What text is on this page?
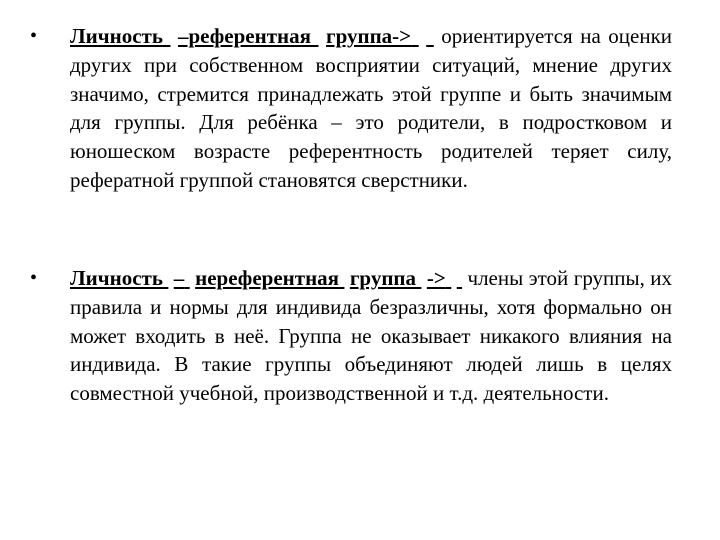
•	Личность –референтная группа-> ориентируется на оценки других при собственном восприятии ситуаций, мнение других значимо, стремится принадлежать этой группе и быть значимым для группы. Для ребёнка – это родители, в подростковом и юношеском возрасте референтность родителей теряет силу, рефератной группой становятся сверстники.
•	Личность – нереферентная группа -> члены этой группы, их правила и нормы для индивида безразличны, хотя формально он может входить в неё. Группа не оказывает никакого влияния на индивида. В такие группы объединяют людей лишь в целях совместной учебной, производственной и т.д. деятельности.
